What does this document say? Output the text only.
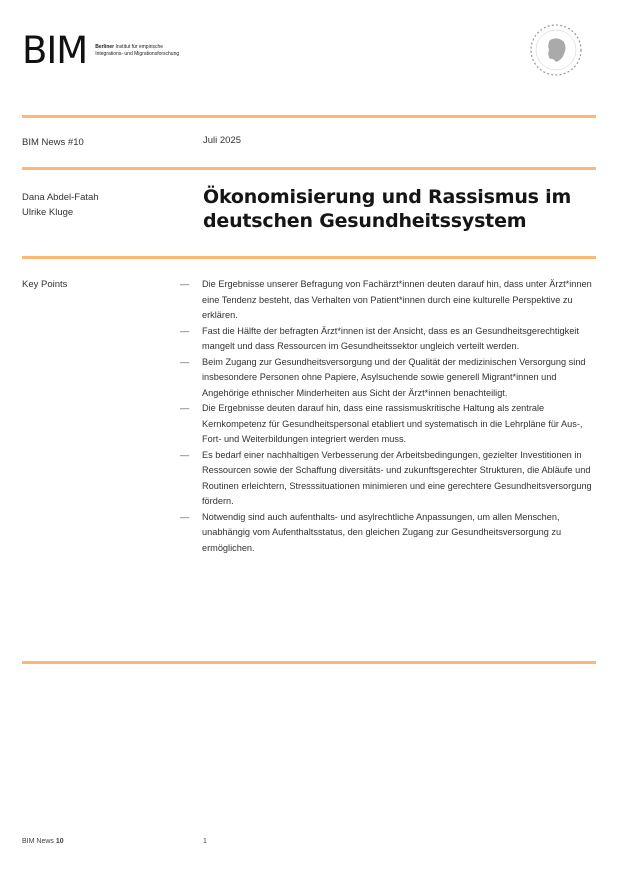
BIM Berliner Institut für empirische
Integrations- und Migrationsforschung
BIM News #10	Juli 2025
Dana Abdel-Fatah
Ulrike Kluge
Ökonomisierung und Rassismus im
deutschen Gesundheitssystem
Key Points	—	Die Ergebnisse unserer Befragung von Fachärzt*innen deuten darauf hin, dass unter Ärzt*innen eine Tendenz besteht, das Verhalten von Patient*innen durch eine kulturelle Perspektive zu erklären.
—	Fast die Hälfte der befragten Ärzt*innen ist der Ansicht, dass es an Gesundheitsgerechtigkeit mangelt und dass Ressourcen im Gesundheitssektor ungleich verteilt werden.
—	Beim Zugang zur Gesundheitsversorgung und der Qualität der medizinischen Versorgung sind insbesondere Personen ohne Papiere, Asylsuchende sowie generell Migrant*innen und Angehörige ethnischer Minderheiten aus Sicht der Ärzt*innen benachteiligt.
—	Die Ergebnisse deuten darauf hin, dass eine rassismuskritische Haltung als zentrale Kernkompetenz für Gesundheitspersonal etabliert und systematisch in die Lehrpläne für Aus-, Fort- und Weiterbildungen integriert werden muss.
—	Es bedarf einer nachhaltigen Verbesserung der Arbeitsbedingungen, gezielter Investitionen in Ressourcen sowie der Schaffung diversitäts- und zukunftsgerechter Strukturen, die Abläufe und Routinen erleichtern, Stresssituationen minimieren und eine gerechtere Gesundheitsversorgung fördern.
—	Notwendig sind auch aufenthalts- und asylrechtliche Anpassungen, um allen Menschen, unabhängig vom Aufenthaltsstatus, den gleichen Zugang zur Gesundheitsversorgung zu ermöglichen.
BIM News 10	1
